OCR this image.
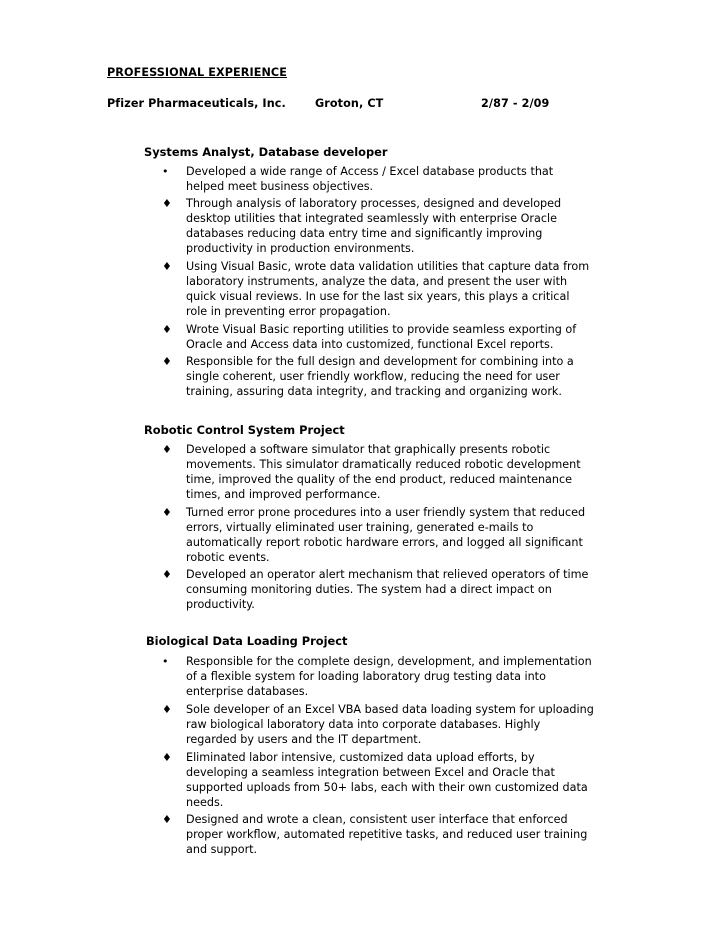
PROFESSIONAL EXPERIENCE
Pfizer Pharmaceuticals, Inc.	Groton, CT	2/87 - 2/09
Systems Analyst, Database developer
• Developed a wide range of Access / Excel database products that
helped meet business objectives.
♦ Through analysis of laboratory processes, designed and developed
desktop utilities that integrated seamlessly with enterprise Oracle
databases reducing data entry time and significantly improving
productivity in production environments.
♦ Using Visual Basic, wrote data validation utilities that capture data from
laboratory instruments, analyze the data, and present the user with
quick visual reviews. In use for the last six years, this plays a critical
role in preventing error propagation.
♦ Wrote Visual Basic reporting utilities to provide seamless exporting of
Oracle and Access data into customized, functional Excel reports.
♦ Responsible for the full design and development for combining into a
single coherent, user friendly workflow, reducing the need for user
training, assuring data integrity, and tracking and organizing work.
Robotic Control System Project
♦ Developed a software simulator that graphically presents robotic
movements. This simulator dramatically reduced robotic development
time, improved the quality of the end product, reduced maintenance
times, and improved performance.
♦ Turned error prone procedures into a user friendly system that reduced
errors, virtually eliminated user training, generated e-mails to
automatically report robotic hardware errors, and logged all significant
robotic events.
♦ Developed an operator alert mechanism that relieved operators of time
consuming monitoring duties. The system had a direct impact on
productivity.
Biological Data Loading Project
• Responsible for the complete design, development, and implementation
of a flexible system for loading laboratory drug testing data into
enterprise databases.
♦ Sole developer of an Excel VBA based data loading system for uploading
raw biological laboratory data into corporate databases. Highly
regarded by users and the IT department.
♦ Eliminated labor intensive, customized data upload efforts, by
developing a seamless integration between Excel and Oracle that
supported uploads from 50+ labs, each with their own customized data
needs.
♦ Designed and wrote a clean, consistent user interface that enforced
proper workflow, automated repetitive tasks, and reduced user training
and support.
